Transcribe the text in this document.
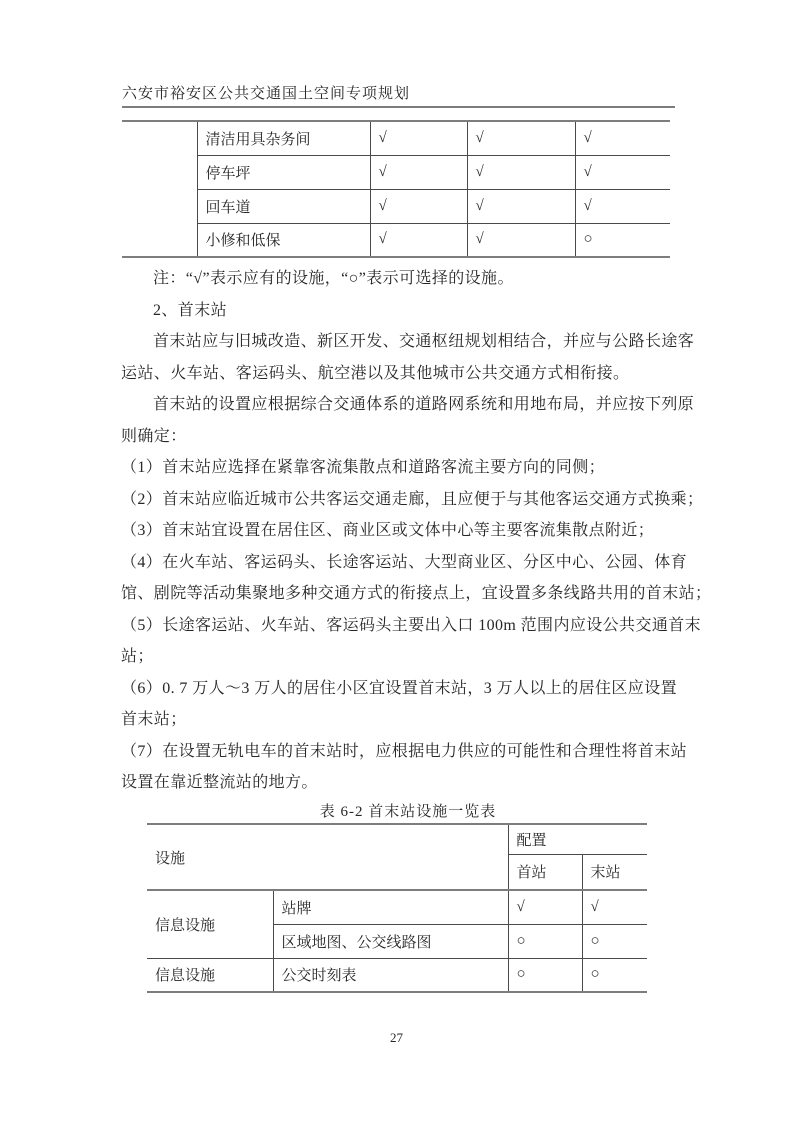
六安市裕安区公共交通国土空间专项规划
	清洁用具杂务间	√	√	√
	停车坪	√	√	√
	回车道	√	√	√
	小修和低保	√	√	○
注：“√”表示应有的设施，“○”表示可选择的设施。
2、首末站
首末站应与旧城改造、新区开发、交通枢纽规划相结合，并应与公路长途客
运站、火车站、客运码头、航空港以及其他城市公共交通方式相衔接。
首末站的设置应根据综合交通体系的道路网系统和用地布局，并应按下列原
则确定：
（1）首末站应选择在紧靠客流集散点和道路客流主要方向的同侧；
（2）首末站应临近城市公共客运交通走廊，且应便于与其他客运交通方式换乘；
（3）首末站宜设置在居住区、商业区或文体中心等主要客流集散点附近；
（4）在火车站、客运码头、长途客运站、大型商业区、分区中心、公园、体育
馆、剧院等活动集聚地多种交通方式的衔接点上，宜设置多条线路共用的首末站；
（5）长途客运站、火车站、客运码头主要出入口 100m 范围内应设公共交通首末
站；
（6）0. 7 万人～3 万人的居住小区宜设置首末站，3 万人以上的居住区应设置
首末站；
（7）在设置无轨电车的首末站时，应根据电力供应的可能性和合理性将首末站
设置在靠近整流站的地方。
表 6-2 首末站设施一览表
设施		配置	
		首站	末站
信息设施	站牌	√	√
	区域地图、公交线路图	○	○
信息设施	公交时刻表	○	○
27
